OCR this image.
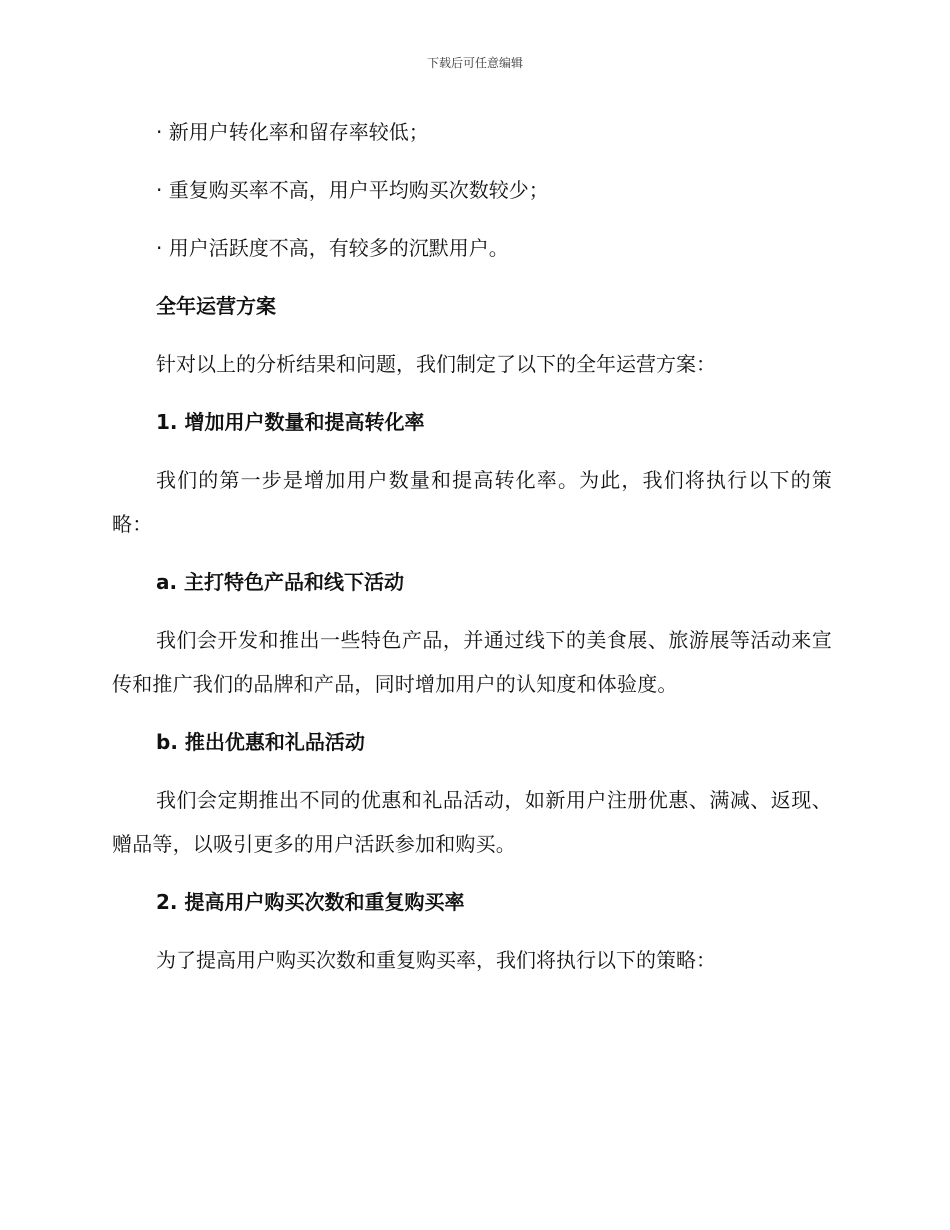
下载后可任意编辑

· 新用户转化率和留存率较低；

· 重复购买率不高，用户平均购买次数较少；

· 用户活跃度不高，有较多的沉默用户。

全年运营方案

针对以上的分析结果和问题，我们制定了以下的全年运营方案：

1. 增加用户数量和提高转化率

我们的第一步是增加用户数量和提高转化率。为此，我们将执行以下的策略：

a. 主打特色产品和线下活动

我们会开发和推出一些特色产品，并通过线下的美食展、旅游展等活动来宣传和推广我们的品牌和产品，同时增加用户的认知度和体验度。

b. 推出优惠和礼品活动

我们会定期推出不同的优惠和礼品活动，如新用户注册优惠、满减、返现、赠品等，以吸引更多的用户活跃参加和购买。

2. 提高用户购买次数和重复购买率

为了提高用户购买次数和重复购买率，我们将执行以下的策略：
